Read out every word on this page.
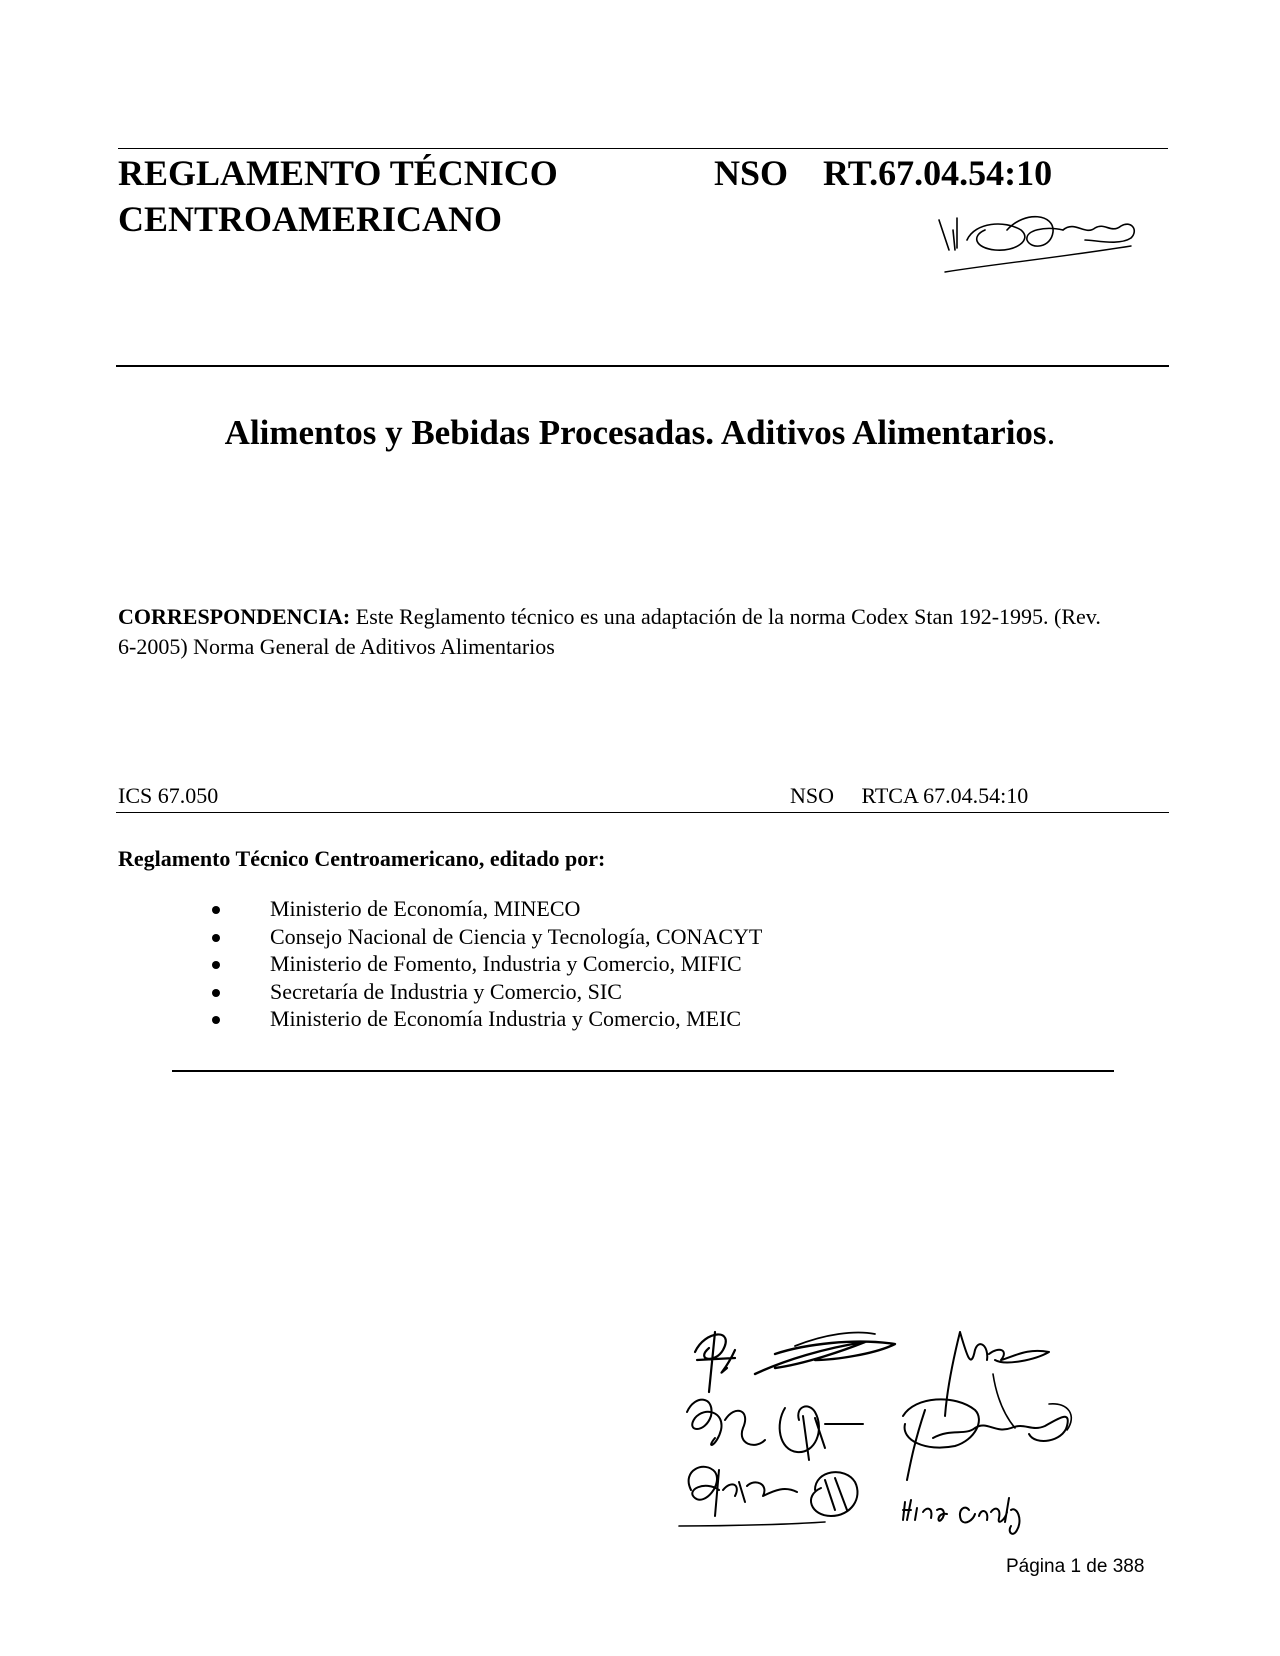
REGLAMENTO TÉCNICO
CENTROAMERICANO
NSO RT.67.04.54:10
Alimentos y Bebidas Procesadas. Aditivos Alimentarios.
CORRESPONDENCIA: Este Reglamento técnico es una adaptación de la norma Codex Stan 192-1995. (Rev. 6-2005) Norma General de Aditivos Alimentarios
ICS 67.050	NSO RTCA 67.04.54:10
Reglamento Técnico Centroamericano, editado por:
Ministerio de Economía, MINECO
Consejo Nacional de Ciencia y Tecnología, CONACYT
Ministerio de Fomento, Industria y Comercio, MIFIC
Secretaría de Industria y Comercio, SIC
Ministerio de Economía Industria y Comercio, MEIC
Página 1 de 388
